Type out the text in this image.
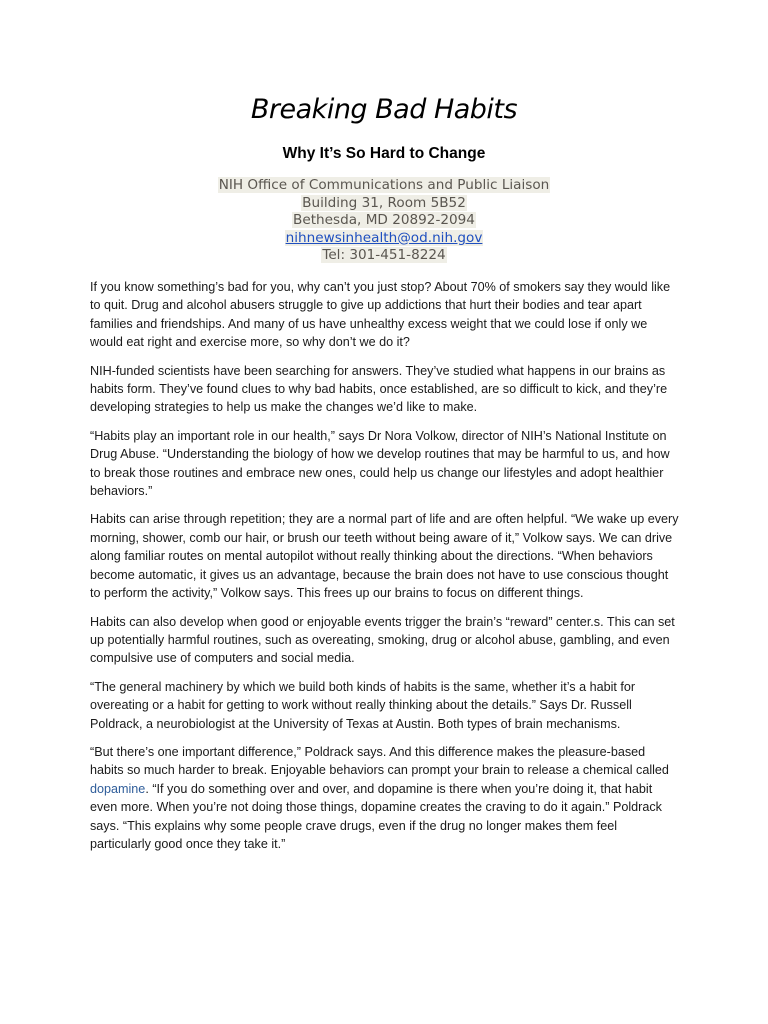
Breaking Bad Habits
Why It’s So Hard to Change
NIH Office of Communications and Public Liaison
Building 31, Room 5B52
Bethesda, MD 20892-2094
nihnewsinhealth@od.nih.gov
Tel: 301-451-8224

If you know something’s bad for you, why can’t you just stop? About 70% of smokers say they would like to quit. Drug and alcohol abusers struggle to give up addictions that hurt their bodies and tear apart families and friendships. And many of us have unhealthy excess weight that we could lose if only we would eat right and exercise more, so why don’t we do it?

NIH-funded scientists have been searching for answers. They’ve studied what happens in our brains as habits form. They’ve found clues to why bad habits, once established, are so difficult to kick, and they’re developing strategies to help us make the changes we’d like to make.

“Habits play an important role in our health,” says Dr Nora Volkow, director of NIH’s National Institute on Drug Abuse. “Understanding the biology of how we develop routines that may be harmful to us, and how to break those routines and embrace new ones, could help us change our lifestyles and adopt healthier behaviors.”

Habits can arise through repetition; they are a normal part of life and are often helpful. “We wake up every morning, shower, comb our hair, or brush our teeth without being aware of it,” Volkow says. We can drive along familiar routes on mental autopilot without really thinking about the directions. “When behaviors become automatic, it gives us an advantage, because the brain does not have to use conscious thought to perform the activity,” Volkow says. This frees up our brains to focus on different things.

Habits can also develop when good or enjoyable events trigger the brain’s “reward” center.s. This can set up potentially harmful routines, such as overeating, smoking, drug or alcohol abuse, gambling, and even compulsive use of computers and social media.

“The general machinery by which we build both kinds of habits is the same, whether it’s a habit for overeating or a habit for getting to work without really thinking about the details.” Says Dr. Russell Poldrack, a neurobiologist at the University of Texas at Austin. Both types of brain mechanisms.

“But there’s one important difference,” Poldrack says. And this difference makes the pleasure-based habits so much harder to break. Enjoyable behaviors can prompt your brain to release a chemical called dopamine. “If you do something over and over, and dopamine is there when you’re doing it, that habit even more. When you’re not doing those things, dopamine creates the craving to do it again.” Poldrack says. “This explains why some people crave drugs, even if the drug no longer makes them feel particularly good once they take it.”
